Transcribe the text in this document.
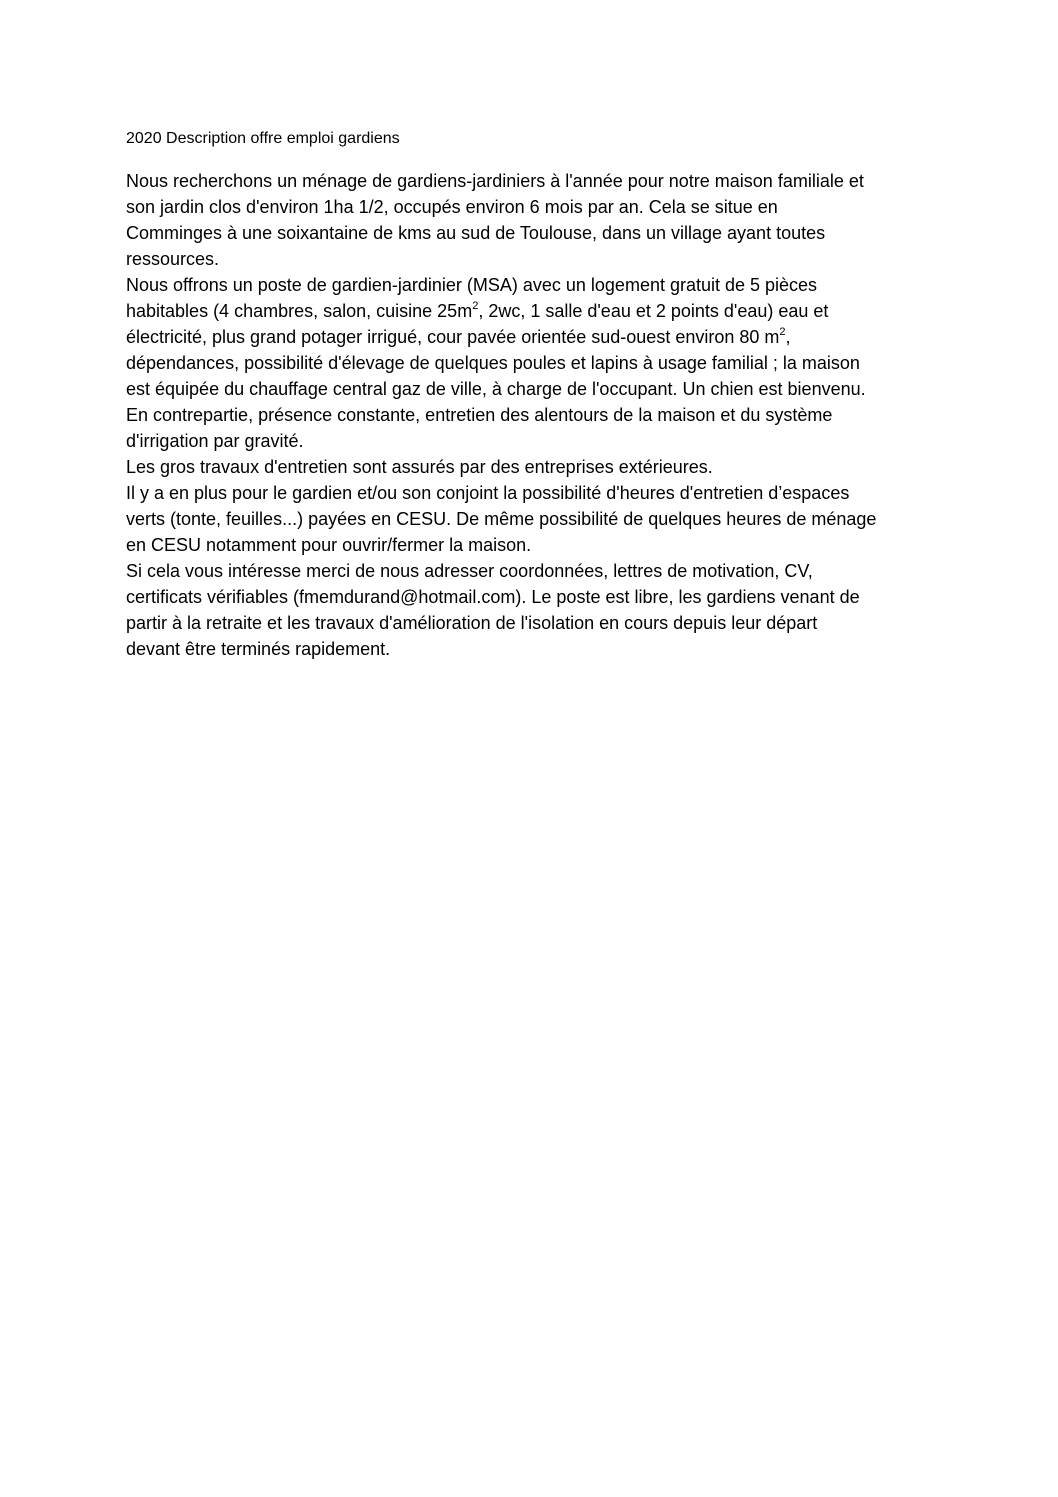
2020 Description offre emploi gardiens
Nous recherchons un ménage de gardiens-jardiniers à l'année pour notre maison familiale et
son jardin clos d'environ 1ha 1/2, occupés environ 6 mois par an. Cela se situe en
Comminges à une soixantaine de kms au sud de Toulouse, dans un village ayant toutes
ressources.
Nous offrons un poste de gardien-jardinier (MSA) avec un logement gratuit de 5 pièces
habitables (4 chambres, salon, cuisine $25m^2$, 2wc, 1 salle d'eau et 2 points d'eau) eau et
électricité, plus grand potager irrigué, cour pavée orientée sud-ouest environ 80 $m^2$,
dépendances, possibilité d'élevage de quelques poules et lapins à usage familial ; la maison
est équipée du chauffage central gaz de ville, à charge de l'occupant. Un chien est bienvenu.
En contrepartie, présence constante, entretien des alentours de la maison et du système
d'irrigation par gravité.
Les gros travaux d'entretien sont assurés par des entreprises extérieures.
Il y a en plus pour le gardien et/ou son conjoint la possibilité d'heures d'entretien d’espaces
verts (tonte, feuilles...) payées en CESU. De même possibilité de quelques heures de ménage
en CESU notamment pour ouvrir/fermer la maison.
Si cela vous intéresse merci de nous adresser coordonnées, lettres de motivation, CV,
certificats vérifiables (fmemdurand@hotmail.com). Le poste est libre, les gardiens venant de
partir à la retraite et les travaux d'amélioration de l'isolation en cours depuis leur départ
devant être terminés rapidement.
